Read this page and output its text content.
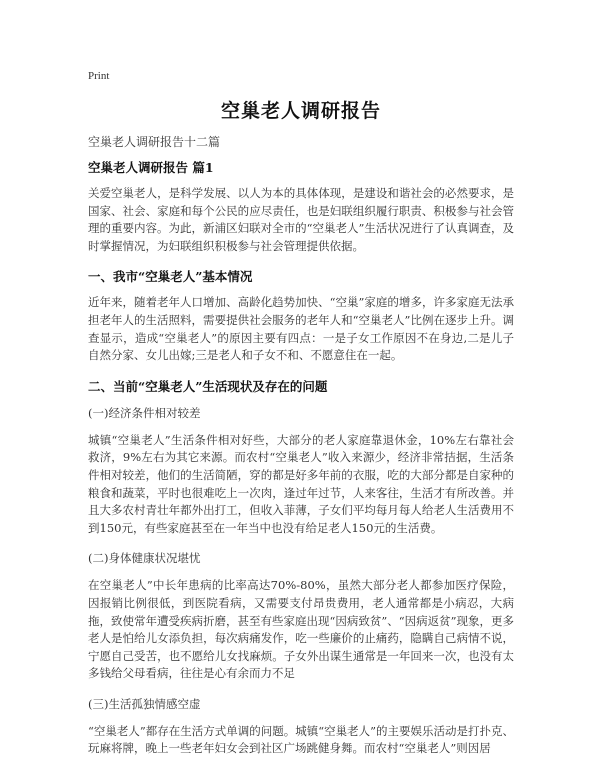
Print
空巢老人调研报告
空巢老人调研报告十二篇
空巢老人调研报告 篇1

关爱空巢老人，是科学发展、以人为本的具体体现，是建设和谐社会的必然要求，是国家、社会、家庭和每个公民的应尽责任，也是妇联组织履行职责、积极参与社会管理的重要内容。为此，新浦区妇联对全市的“空巢老人”生活状况进行了认真调查，及时掌握情况，为妇联组织积极参与社会管理提供依据。

一、我市“空巢老人”基本情况

近年来，随着老年人口增加、高龄化趋势加快、“空巢”家庭的增多，许多家庭无法承担老年人的生活照料，需要提供社会服务的老年人和“空巢老人”比例在逐步上升。调查显示，造成“空巢老人”的原因主要有四点：一是子女工作原因不在身边,二是儿子自然分家、女儿出嫁;三是老人和子女不和、不愿意住在一起。

二、当前“空巢老人”生活现状及存在的问题
(一)经济条件相对较差

城镇“空巢老人”生活条件相对好些，大部分的老人家庭靠退休金，10%左右靠社会救济，9%左右为其它来源。而农村“空巢老人”收入来源少，经济非常拮据，生活条件相对较差，他们的生活简陋，穿的都是好多年前的衣服，吃的大部分都是自家种的粮食和蔬菜，平时也很难吃上一次肉，逢过年过节，人来客往，生活才有所改善。并且大多农村青壮年都外出打工，但收入菲薄，子女们平均每月每人给老人生活费用不到150元，有些家庭甚至在一年当中也没有给足老人150元的生活费。

(二)身体健康状况堪忧

在空巢老人”中长年患病的比率高达70%-80%，虽然大部分老人都参加医疗保险，因报销比例很低，到医院看病，又需要支付昂贵费用，老人通常都是小病忍，大病拖，致使常年遭受疾病折磨，甚至有些家庭出现“因病致贫”、“因病返贫”现象，更多老人是怕给儿女添负担，每次病痛发作，吃一些廉价的止痛药，隐瞒自己病情不说，宁愿自己受苦，也不愿给儿女找麻烦。子女外出谋生通常是一年回来一次，也没有太多钱给父母看病，往往是心有余而力不足

(三)生活孤独情感空虚

“空巢老人”都存在生活方式单调的问题。城镇“空巢老人”的主要娱乐活动是打扑克、玩麻将牌，晚上一些老年妇女会到社区广场跳健身舞。而农村“空巢老人”则因居
